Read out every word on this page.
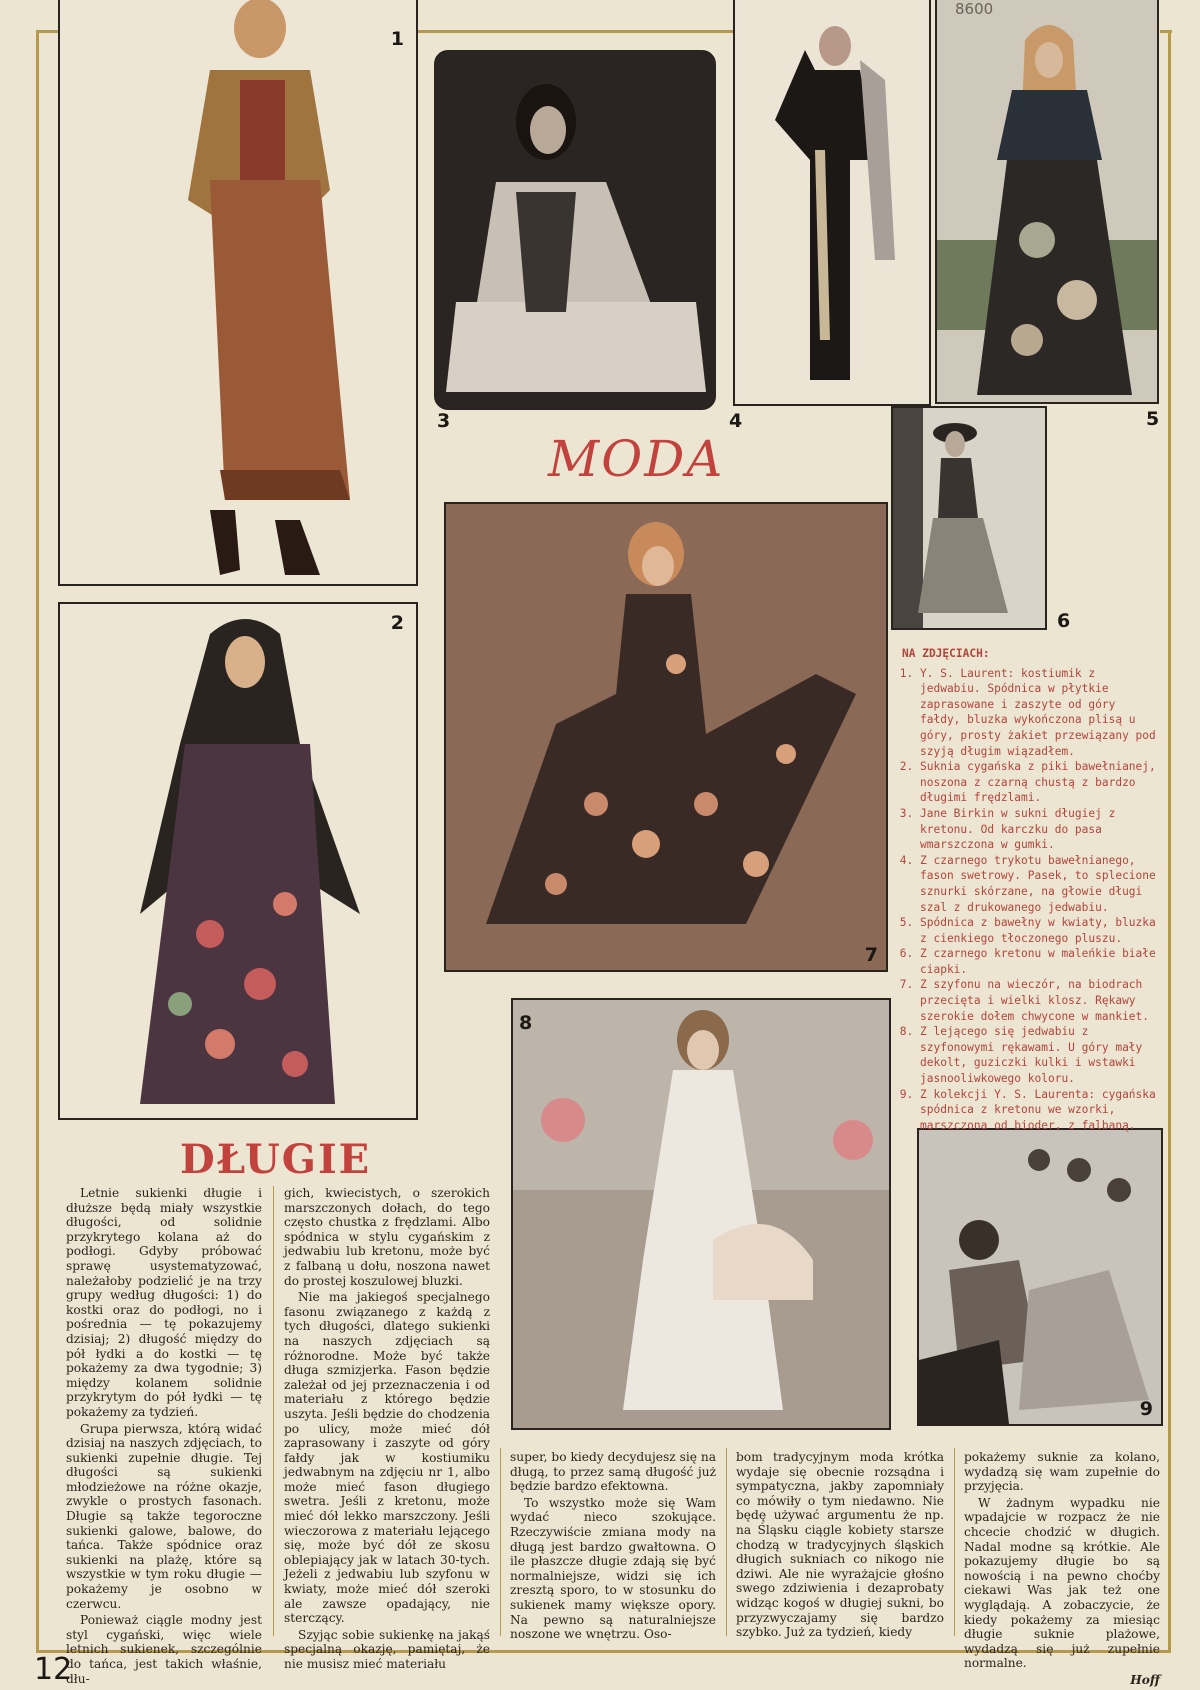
1
2
3	4
8600
5
6
MODA
7
8
9
DŁUGIE
NA ZDJĘCIACH:
1. Y. S. Laurent: kostiumik z jedwabiu. Spódnica w płytkie zaprasowane i zaszyte od góry fałdy, bluzka wykończona plisą u góry, prosty żakiet przewiązany pod szyją długim wiązadłem.
2. Suknia cygańska z piki bawełnianej, noszona z czarną chustą z bardzo długimi frędzlami.
3. Jane Birkin w sukni długiej z kretonu. Od karczku do pasa wmarszczona w gumki.
4. Z czarnego trykotu bawełnianego, fason swetrowy. Pasek, to splecione sznurki skórzane, na głowie długi szal z drukowanego jedwabiu.
5. Spódnica z bawełny w kwiaty, bluzka z cienkiego tłoczonego pluszu.
6. Z czarnego kretonu w maleńkie białe ciapki.
7. Z szyfonu na wieczór, na biodrach przecięta i wielki klosz. Rękawy szerokie dołem chwycone w mankiet.
8. Z lejącego się jedwabiu z szyfonowymi rękawami. U góry mały dekolt, guziczki kulki i wstawki jasnooliwkowego koloru.
9. Z kolekcji Y. S. Laurenta: cygańska spódnica z kretonu we wzorki, marszczona od bioder, z falbaną.

Letnie sukienki długie i dłuższe będą miały wszystkie długości, od solidnie przykrytego kolana aż do podłogi. Gdyby próbować sprawę usystematyzować, należałoby podzielić je na trzy grupy według długości: 1) do kostki oraz do podłogi, no i pośrednia — tę pokazujemy dzisiaj; 2) długość między do pół łydki a do kostki — tę pokażemy za dwa tygodnie; 3) między kolanem solidnie przykrytym do pół łydki — tę pokażemy za tydzień.

Grupa pierwsza, którą widać dzisiaj na naszych zdjęciach, to sukienki zupełnie długie. Tej długości są sukienki młodzieżowe na różne okazje, zwykle o prostych fasonach. Długie są także tegoroczne sukienki galowe, balowe, do tańca. Także spódnice oraz sukienki na plażę, które są wszystkie w tym roku długie — pokażemy je osobno w czerwcu.

Ponieważ ciągle modny jest styl cygański, więc wiele letnich sukienek, szczególnie do tańca, jest takich właśnie, dłu-

gich, kwiecistych, o szerokich marszczonych dołach, do tego często chustka z frędzlami. Albo spódnica w stylu cygańskim z jedwabiu lub kretonu, może być z falbaną u dołu, noszona nawet do prostej koszulowej bluzki.

Nie ma jakiegoś specjalnego fasonu związanego z każdą z tych długości, dlatego sukienki na naszych zdjęciach są różnorodne. Może być także długa szmizjerka. Fason będzie zależał od jej przeznaczenia i od materiału z którego będzie uszyta. Jeśli będzie do chodzenia po ulicy, może mieć dół zaprasowany i zaszyte od góry fałdy jak w kostiumiku jedwabnym na zdjęciu nr 1, albo może mieć fason długiego swetra. Jeśli z kretonu, może mieć dół lekko marszczony. Jeśli wieczorowa z materiału lejącego się, może być dół ze skosu oblepiający jak w latach 30-tych. Jeżeli z jedwabiu lub szyfonu w kwiaty, może mieć dół szeroki ale zawsze opadający, nie sterczący.

Szyjąc sobie sukienkę na jakąś specjalną okazję, pamiętaj, że nie musisz mieć materiału

super, bo kiedy decydujesz się na długą, to przez samą długość już będzie bardzo efektowna.

To wszystko może się Wam wydać nieco szokujące. Rzeczywiście zmiana mody na długą jest bardzo gwałtowna. O ile płaszcze długie zdają się być normalniejsze, widzi się ich zresztą sporo, to w stosunku do sukienek mamy większe opory. Na pewno są naturalniejsze noszone we wnętrzu. Oso-

bom tradycyjnym moda krótka wydaje się obecnie rozsądna i sympatyczna, jakby zapomniały co mówiły o tym niedawno. Nie będę używać argumentu że np. na Śląsku ciągle kobiety starsze chodzą w tradycyjnych śląskich długich sukniach co nikogo nie dziwi. Ale nie wyrażajcie głośno swego zdziwienia i dezaprobaty widząc kogoś w długiej sukni, bo przyzwyczajamy się bardzo szybko. Już za tydzień, kiedy

pokażemy suknie za kolano, wydadzą się wam zupełnie do przyjęcia.

W żadnym wypadku nie wpadajcie w rozpacz że nie chcecie chodzić w długich. Nadal modne są krótkie. Ale pokazujemy długie bo są nowością i na pewno choćby ciekawi Was jak też one wyglądają. A zobaczycie, że kiedy pokażemy za miesiąc długie suknie plażowe, wydadzą się już zupełnie normalne.

Hoff
12
